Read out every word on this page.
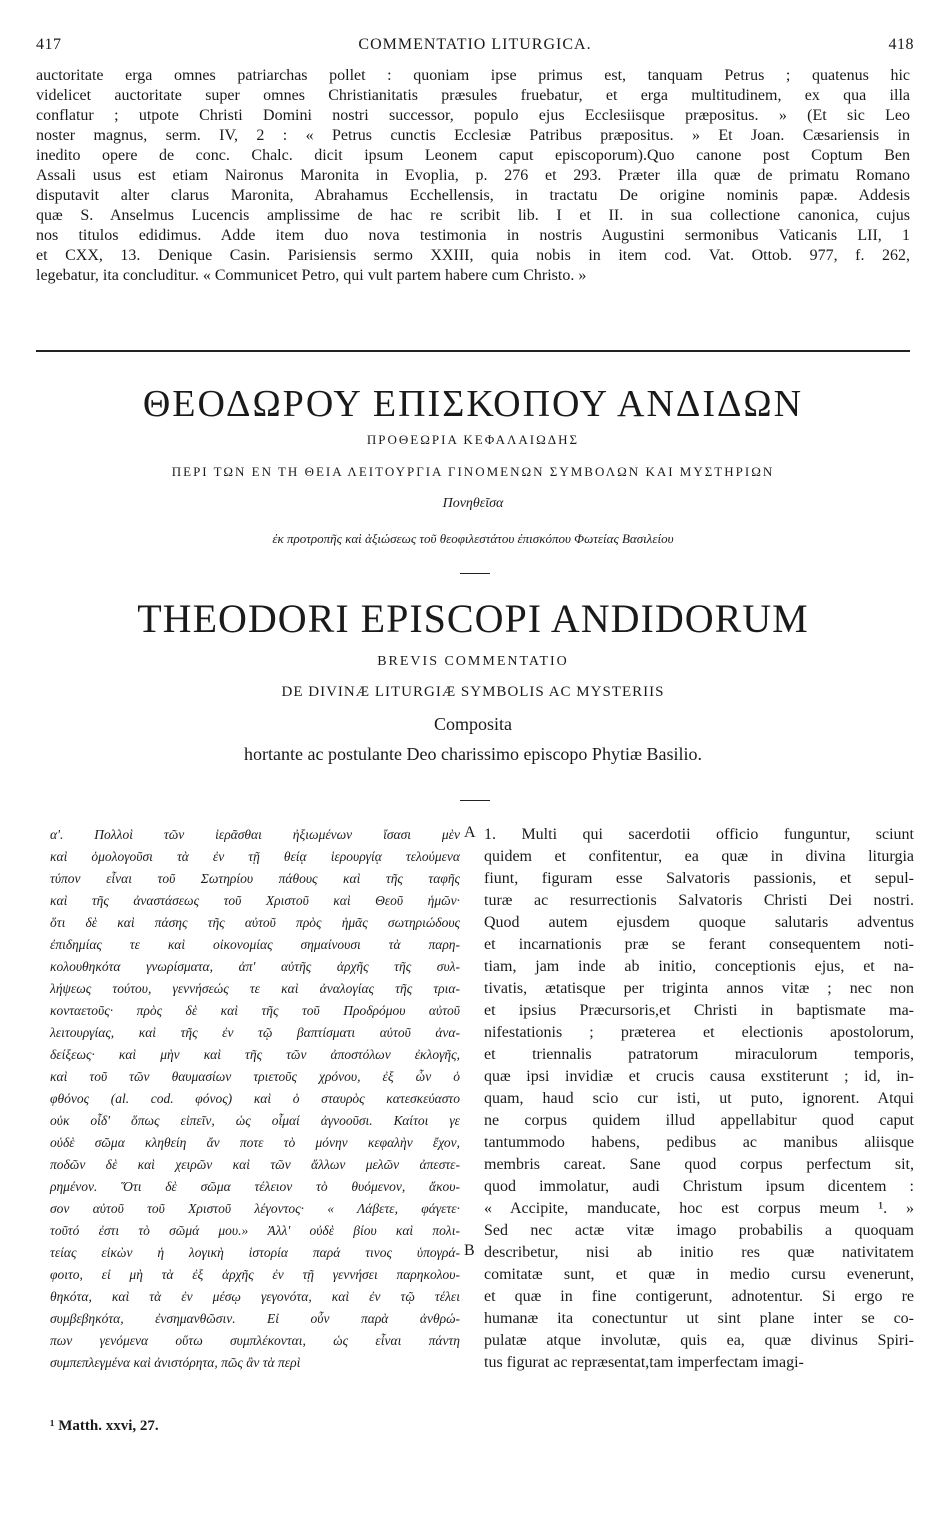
417	COMMENTATIO LITURGICA.	418
auctoritate erga omnes patriarchas pollet : quoniam ipse primus est, tanquam Petrus ; quatenus hic
videlicet auctoritate super omnes Christianitatis præsules fruebatur, et erga multitudinem, ex qua illa
conflatur ; utpote Christi Domini nostri successor, populo ejus Ecclesiisque præpositus. » (Et sic Leo
noster magnus, serm. IV, 2 : « Petrus cunctis Ecclesiæ Patribus præpositus. » Et Joan. Cæsariensis in
inedito opere de conc. Chalc. dicit ipsum Leonem caput episcoporum).Quo canone post Coptum Ben
Assali usus est etiam Naironus Maronita in Evoplia, p. 276 et 293. Præter illa quæ de primatu Romano
disputavit alter clarus Maronita, Abrahamus Ecchellensis, in tractatu De origine nominis papæ. Addesis
quæ S. Anselmus Lucencis amplissime de hac re scribit lib. I et II. in sua collectione canonica, cujus
nos titulos edidimus. Adde item duo nova testimonia in nostris Augustini sermonibus Vaticanis LII, 1
et CXX, 13. Denique Casin. Parisiensis sermo XXIII, quia nobis in item cod. Vat. Ottob. 977, f. 262,
legebatur, ita concluditur. « Communicet Petro, qui vult partem habere cum Christo. »
ΘΕΟΔΩΡΟΥ ΕΠΙΣΚΟΠΟΥ ΑΝΔΙΔΩΝ
ΠΡΟΘΕΩΡΙΑ ΚΕΦΑΛΑΙΩΔΗΣ
ΠΕΡΙ ΤΩΝ ΕΝ ΤΗ ΘΕΙΑ ΛΕΙΤΟΥΡΓΙΑ ΓΙΝΟΜΕΝΩΝ ΣΥΜΒΟΛΩΝ ΚΑΙ ΜΥΣΤΗΡΙΩΝ
Πονηθεῖσα
ἐκ προτροπῆς καὶ ἀξιώσεως τοῦ θεοφιλεστάτου ἐπισκόπου Φωτείας Βασιλείου
THEODORI EPISCOPI ANDIDORUM
BREVIS COMMENTATIO
DE DIVINÆ LITURGIÆ SYMBOLIS AC MYSTERIIS
Composita
hortante ac postulante Deo charissimo episcopo Phytiæ Basilio.
α'. Πολλοὶ τῶν ἱερᾶσθαι ἠξιωμένων ἴσασι μὲν
καὶ ὁμολογοῦσι τὰ ἐν τῇ θείᾳ ἱερουργίᾳ τελούμενα
τύπον εἶναι τοῦ Σωτηρίου πάθους καὶ τῆς ταφῆς
καὶ τῆς ἀναστάσεως τοῦ Χριστοῦ καὶ Θεοῦ ἡμῶν·
ὅτι δὲ καὶ πάσης τῆς αὐτοῦ πρὸς ἡμᾶς σωτηριώδους
ἐπιδημίας τε καὶ οἰκονομίας σημαίνουσι τὰ παρη-
κολουθηκότα γνωρίσματα, ἀπ' αὐτῆς ἀρχῆς τῆς συλ-
λήψεως τούτου, γεννήσεώς τε καὶ ἀναλογίας τῆς τρια-
κονταετοῦς· πρὸς δὲ καὶ τῆς τοῦ Προδρόμου αὐτοῦ
λειτουργίας, καὶ τῆς ἐν τῷ βαπτίσματι αὐτοῦ ἀνα-
δείξεως· καὶ μὴν καὶ τῆς τῶν ἀποστόλων ἐκλογῆς,
καὶ τοῦ τῶν θαυμασίων τριετοῦς χρόνου, ἐξ ὧν ὁ
φθόνος (al. cod. φόνος) καὶ ὁ σταυρὸς κατεσκεύαστο
οὐκ οἶδ' ὅπως εἰπεῖν, ὡς οἶμαί ἀγνοοῦσι. Καίτοι γε
οὐδὲ σῶμα κληθείη ἄν ποτε τὸ μόνην κεφαλὴν ἔχον,
ποδῶν δὲ καὶ χειρῶν καὶ τῶν ἄλλων μελῶν ἀπεστε-
ρημένον. Ὅτι δὲ σῶμα τέλειον τὸ θυόμενον, ἄκου-
σον αὐτοῦ τοῦ Χριστοῦ λέγοντος· « Λάβετε, φάγετε·
τοῦτό ἐστι τὸ σῶμά μου.» Ἀλλ' οὐδὲ βίου καὶ πολι-
τείας εἰκὼν ἡ λογικὴ ἱστορία παρά τινος ὑπογρά-
φοιτο, εἰ μὴ τὰ ἐξ ἀρχῆς ἐν τῇ γεννήσει παρηκολου-
θηκότα, καὶ τὰ ἐν μέσῳ γεγονότα, καὶ ἐν τῷ τέλει
συμβεβηκότα, ἐνσημανθῶσιν. Εἰ οὖν παρὰ ἀνθρώ-
πων γενόμενα οὕτω συμπλέκονται, ὡς εἶναι πάντη
συμπεπλεγμένα καὶ ἀνιστόρητα, πῶς ἂν τὰ περὶ
A
B
1. Multi qui sacerdotii officio funguntur, sciunt
quidem et confitentur, ea quæ in divina liturgia
fiunt, figuram esse Salvatoris passionis, et sepul-
turæ ac resurrectionis Salvatoris Christi Dei nostri.
Quod autem ejusdem quoque salutaris adventus
et incarnationis præ se ferant consequentem noti-
tiam, jam inde ab initio, conceptionis ejus, et na-
tivatis, ætatisque per triginta annos vitæ ; nec non
et ipsius Præcursoris,et Christi in baptismate ma-
nifestationis ; præterea et electionis apostolorum,
et triennalis patratorum miraculorum temporis,
quæ ipsi invidiæ et crucis causa exstiterunt ; id, in-
quam, haud scio cur isti, ut puto, ignorent. Atqui
ne corpus quidem illud appellabitur quod caput
tantummodo habens, pedibus ac manibus aliisque
membris careat. Sane quod corpus perfectum sit,
quod immolatur, audi Christum ipsum dicentem :
« Accipite, manducate, hoc est corpus meum ¹. »
Sed nec actæ vitæ imago probabilis a quoquam
describetur, nisi ab initio res quæ nativitatem
comitatæ sunt, et quæ in medio cursu evenerunt,
et quæ in fine contigerunt, adnotentur. Si ergo re
humanæ ita conectuntur ut sint plane inter se co-
pulatæ atque involutæ, quis ea, quæ divinus Spiri-
tus figurat ac repræsentat,tam imperfectam imagi-
¹ Matth. xxvi, 27.
